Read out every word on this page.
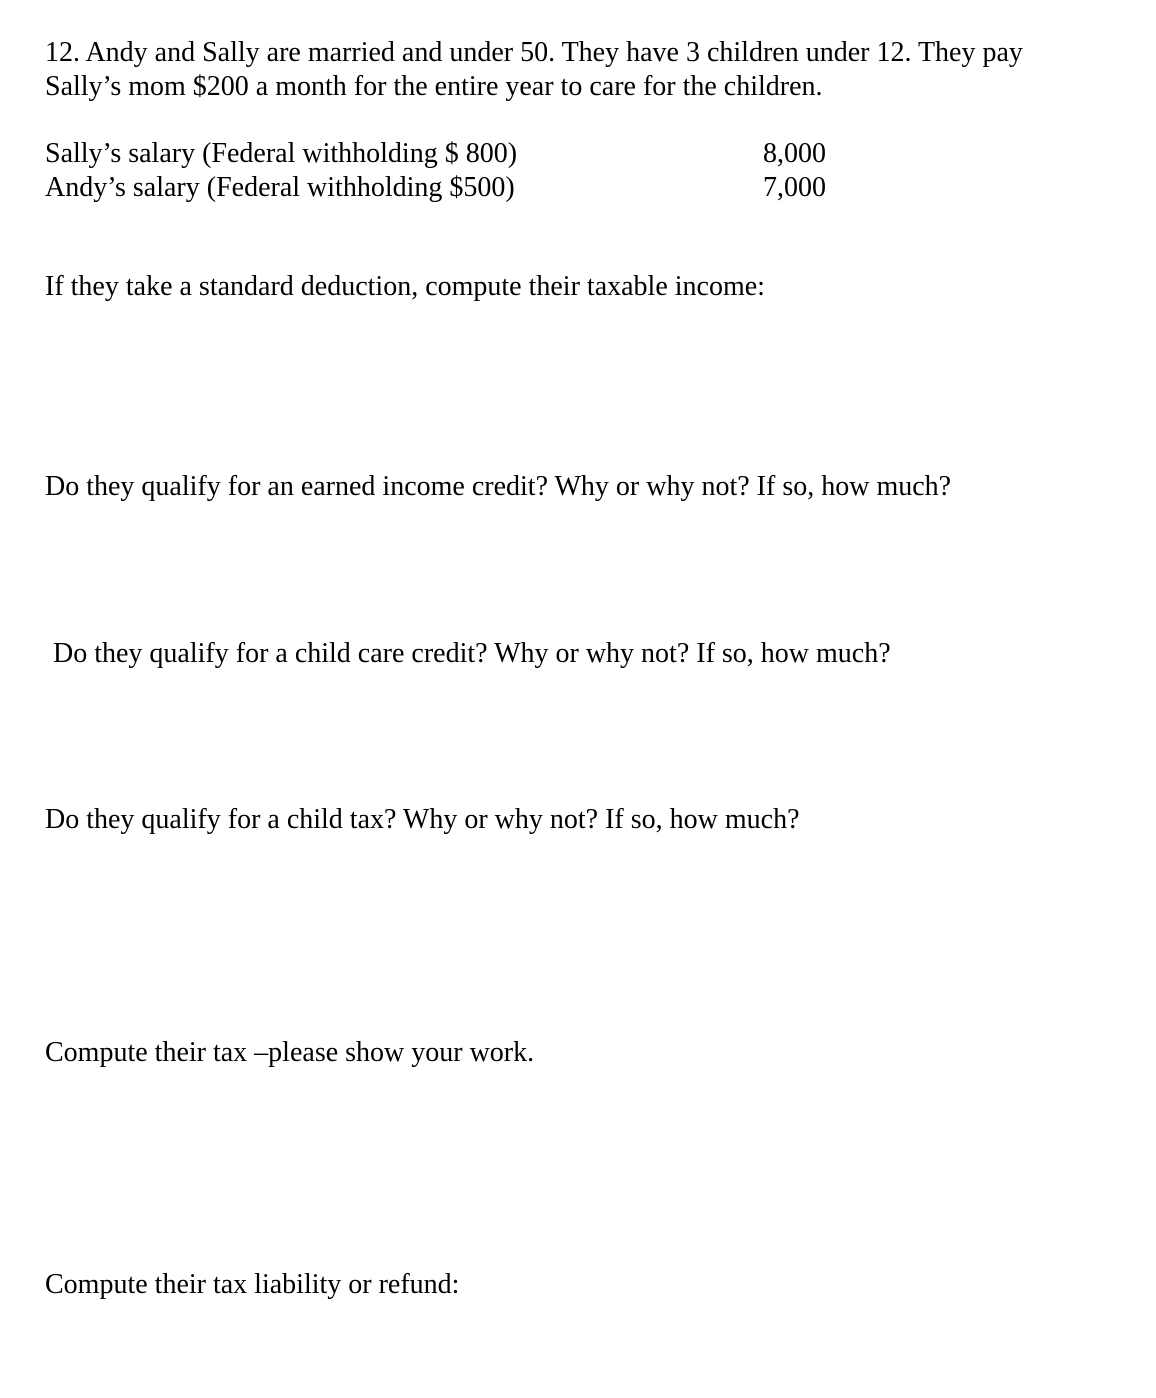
12. Andy and Sally are married and under 50. They have 3 children under 12. They pay
Sally’s mom $200 a month for the entire year to care for the children.
Sally’s salary (Federal withholding $ 800)	8,000
Andy’s salary (Federal withholding $500)	7,000
If they take a standard deduction, compute their taxable income:
Do they qualify for an earned income credit? Why or why not? If so, how much?
Do they qualify for a child care credit? Why or why not? If so, how much?
Do they qualify for a child tax? Why or why not? If so, how much?
Compute their tax –please show your work.
Compute their tax liability or refund:
